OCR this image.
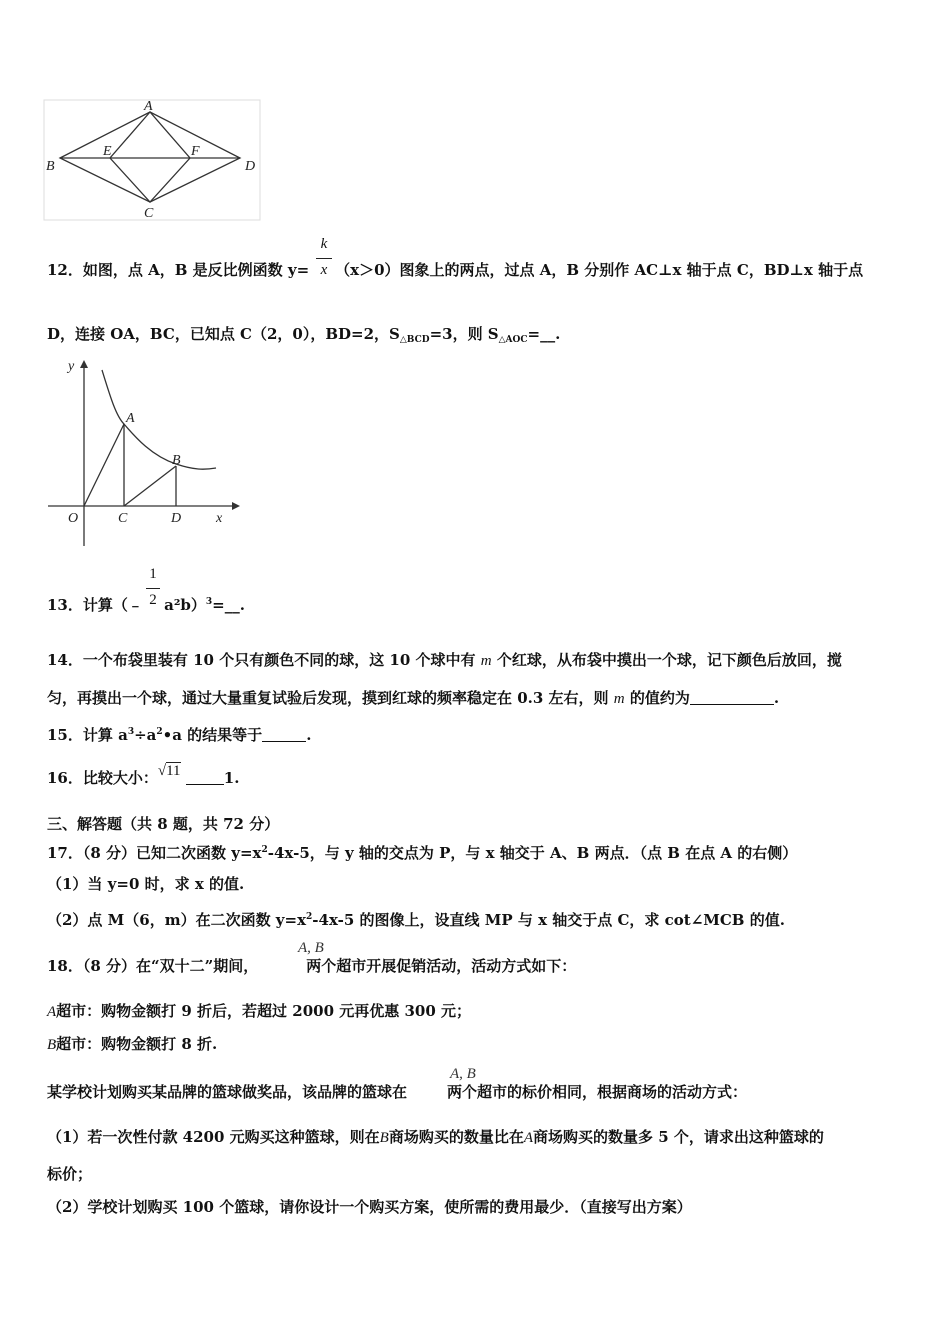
A
B
C
D
E	F
12．如图，点 A，B 是反比例函数 y= （x＞0）图象上的两点，过点 A，B 分别作 AC⊥x 轴于点 C，BD⊥x 轴于点
k
x
D，连接 OA，BC，已知点 C（2，0），BD=2，$S_{\triangle BCD}=3$，则 $S_{\triangle AOC}=\_\_$.
y
x
O	C	D
A
B
13．计算（﹣ a²b）$^3$=__.
1
2
14．一个布袋里装有 10 个只有颜色不同的球，这 10 个球中有 m 个红球，从布袋中摸出一个球，记下颜色后放回，搅
匀，再摸出一个球，通过大量重复试验后发现，摸到红球的频率稳定在 0.3 左右，则 m 的值约为	.
15．计算 $a^3\div a^2•a$ 的结果等于	.
16．比较大小：√11	1.
三、解答题（共 8 题，共 72 分）
17．（8 分）已知二次函数 $y=x^2-4x-5$，与 y 轴的交点为 P，与 x 轴交于 A、B 两点．（点 B 在点 A 的右侧）
（1）当 y=0 时，求 x 的值.
（2）点 M（6，m）在二次函数 $y=x^2-4x-5$ 的图像上，设直线 MP 与 x 轴交于点 C，求 cot∠MCB 的值.
18．（8 分）在“双十二”期间，	两个超市开展促销活动，活动方式如下：
A, B
A超市：购物金额打 9 折后，若超过 2000 元再优惠 300 元；
B超市：购物金额打 8 折.
某学校计划购买某品牌的篮球做奖品，该品牌的篮球在	两个超市的标价相同，根据商场的活动方式：
A, B
（1）若一次性付款 4200 元购买这种篮球，则在B商场购买的数量比在A商场购买的数量多 5 个，请求出这种篮球的
标价；
（2）学校计划购买 100 个篮球，请你设计一个购买方案，使所需的费用最少．（直接写出方案）
